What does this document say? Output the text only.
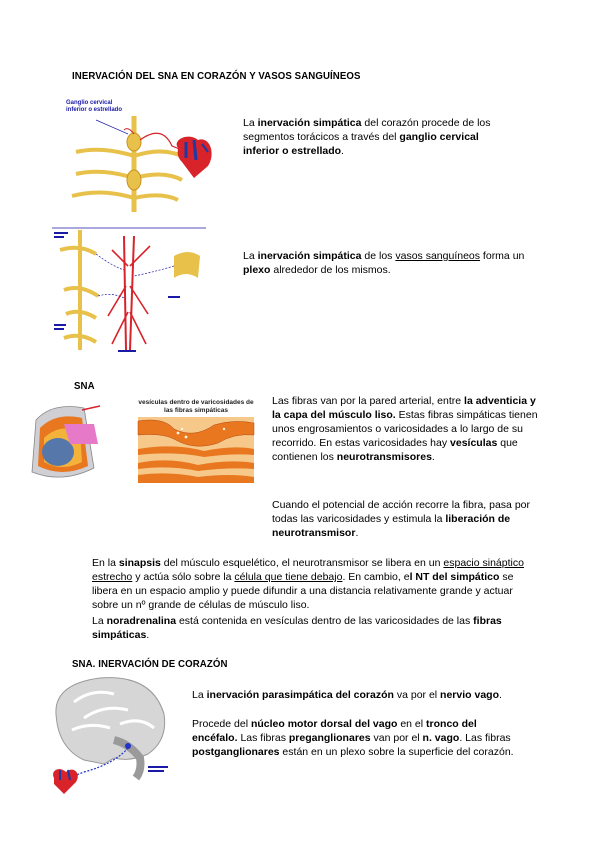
INERVACIÓN DEL SNA EN CORAZÓN Y VASOS SANGUÍNEOS
Ganglio cervical inferior o estrellado
La inervación simpática del corazón procede de los segmentos torácicos a través del ganglio cervical inferior o estrellado.
La inervación simpática de los vasos sanguíneos forma un plexo alrededor de los mismos.
SNA
vesículas dentro de varicosidades de las fibras simpáticas
Las fibras van por la pared arterial, entre la adventicia y la capa del músculo liso. Estas fibras simpáticas tienen unos engrosamientos o varicosidades a lo largo de su recorrido. En estas varicosidades hay vesículas que contienen los neurotransmisores.
Cuando el potencial de acción recorre la fibra, pasa por todas las varicosidades y estimula la liberación de neurotransmisor.
En la sinapsis del músculo esquelético, el neurotransmisor se libera en un espacio sináptico estrecho y actúa sólo sobre la célula que tiene debajo. En cambio, el NT del simpático se libera en un espacio amplio y puede difundir a una distancia relativamente grande y actuar sobre un nº grande de células de músculo liso.
La noradrenalina está contenida en vesículas dentro de las varicosidades de las fibras simpáticas.
SNA. INERVACIÓN DE CORAZÓN
La inervación parasimpática del corazón va por el nervio vago.
Procede del núcleo motor dorsal del vago en el tronco del encéfalo. Las fibras preganglionares van por el n. vago. Las fibras postganglionares están en un plexo sobre la superficie del corazón.
